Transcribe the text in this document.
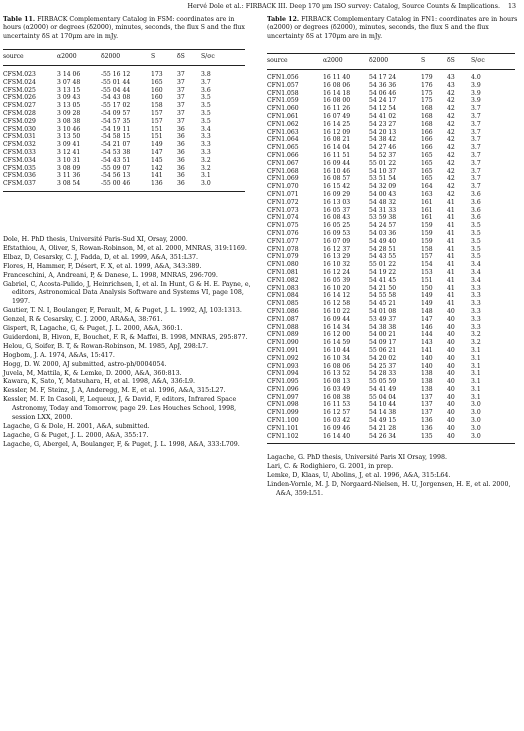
Hervé Dole et al.: FIRBACK III. Deep 170 μm ISO survey: Catalog, Source Counts & Implications. 13

Table 11. FIRBACK Complementary Catalog in FSM: coordinates are in hours (α2000) or degrees (δ2000), minutes, seconds, the flux S and the flux uncertainty δS at 170μm are in mJy.

source	α2000	δ2000	S	δS	S/σc
CFSM.023	3 14 06	-55 16 12	173	37	3.8
CFSM.024	3 07 48	-55 01 44	165	37	3.7
CFSM.025	3 13 15	-55 04 44	160	37	3.6
CFSM.026	3 09 43	-54 43 08	160	37	3.5
CFSM.027	3 13 05	-55 17 02	158	37	3.5
CFSM.028	3 09 28	-54 09 57	157	37	3.5
CFSM.029	3 08 38	-54 57 35	157	37	3.5
CFSM.030	3 10 46	-54 19 11	151	36	3.4
CFSM.031	3 13 50	-54 58 15	151	36	3.3
CFSM.032	3 09 41	-54 21 07	149	36	3.3
CFSM.033	3 12 41	-54 53 38	147	36	3.3
CFSM.034	3 10 31	-54 43 51	145	36	3.2
CFSM.035	3 08 09	-55 09 07	142	36	3.2
CFSM.036	3 11 36	-54 56 13	141	36	3.1
CFSM.037	3 08 54	-55 00 46	136	36	3.0

Dole, H. PhD thesis, Université Paris-Sud XI, Orsay, 2000.

Efstathiou, A, Oliver, S, Rowan-Robinson, M, et al. 2000, MNRAS, 319:1169.

Elbaz, D, Cesarsky, C. J, Fadda, D, et al. 1999, A&A, 351:L37.

Flores, H, Hammer, F, Désert, F. X, et al. 1999, A&A, 343:389.

Franceschini, A, Andreani, P, & Danese, L. 1998, MNRAS, 296:709.

Gabriel, C, Acosta-Pulido, J, Heinrichsen, I, et al. In Hunt, G & H. E. Payne, e, editors, Astronomical Data Analysis Software and Systems VI, page 108, 1997.

Gautier, T. N. I, Boulanger, F, Perault, M, & Puget, J. L. 1992, AJ, 103:1313.

Genzel, R & Cesarsky, C. J. 2000, ARA&A, 38:761.

Gispert, R, Lagache, G, & Puget, J. L. 2000, A&A, 360:1.

Guiderdoni, B, Hivon, E, Bouchet, F. R, & Maffei, B. 1998, MNRAS, 295:877.

Helou, G, Soifer, B. T, & Rowan-Robinson, M. 1985, ApJ, 298:L7.

Hogbom, J. A. 1974, A&As, 15:417.

Hogg, D. W. 2000, AJ submitted, astro-ph/0004054.

Juvela, M, Mattila, K, & Lemke, D. 2000, A&A, 360:813.

Kawara, K, Sato, Y, Matsuhara, H, et al. 1998, A&A, 336:L9.

Kessler, M. F, Steinz, J. A, Anderegg, M. E, et al. 1996, A&A, 315:L27.

Kessler, M. F. In Casoli, F, Lequeux, J, & David, F, editors, Infrared Space Astronomy, Today and Tomorrow, page 29. Les Houches School, 1998, session LXX, 2000.

Lagache, G & Dole, H. 2001, A&A, submitted.

Lagache, G & Puget, J. L. 2000, A&A, 355:17.

Lagache, G, Abergel, A, Boulanger, F, & Puget, J. L. 1998, A&A, 333:L709.

Table 12. FIRBACK Complementary Catalog in FN1: coordinates are in hours (α2000) or degrees (δ2000), minutes, seconds, the flux S and the flux uncertainty δS at 170μm are in mJy.

source	α2000	δ2000	S	δS	S/σc
CFN1.056	16 11 40	54 17 24	179	43	4.0
CFN1.057	16 08 06	54 36 36	176	43	3.9
CFN1.058	16 14 18	54 06 46	175	42	3.9
CFN1.059	16 08 00	54 24 17	175	42	3.9
CFN1.060	16 11 26	54 12 54	168	42	3.7
CFN1.061	16 07 49	54 41 02	168	42	3.7
CFN1.062	16 14 25	54 23 27	168	42	3.7
CFN1.063	16 12 09	54 20 13	166	42	3.7
CFN1.064	16 08 21	54 38 42	166	42	3.7
CFN1.065	16 14 04	54 27 46	166	42	3.7
CFN1.066	16 11 51	54 52 37	165	42	3.7
CFN1.067	16 09 44	55 01 22	165	42	3.7
CFN1.068	16 10 46	54 10 37	165	42	3.7
CFN1.069	16 08 57	53 51 54	165	42	3.7
CFN1.070	16 15 42	54 32 09	164	42	3.7
CFN1.071	16 09 29	54 00 43	163	42	3.6
CFN1.072	16 13 03	54 48 32	161	41	3.6
CFN1.073	16 05 37	54 31 33	161	41	3.6
CFN1.074	16 08 43	53 59 38	161	41	3.6
CFN1.075	16 05 25	54 24 57	159	41	3.5
CFN1.076	16 09 53	54 03 36	159	41	3.5
CFN1.077	16 07 09	54 49 40	159	41	3.5
CFN1.078	16 12 37	54 28 51	158	41	3.5
CFN1.079	16 13 29	54 43 55	157	41	3.5
CFN1.080	16 10 32	55 01 22	154	41	3.4
CFN1.081	16 12 24	54 19 22	153	41	3.4
CFN1.082	16 05 39	54 41 45	151	41	3.4
CFN1.083	16 10 20	54 21 50	150	41	3.3
CFN1.084	16 14 12	54 55 58	149	41	3.3
CFN1.085	16 12 58	54 45 21	149	41	3.3
CFN1.086	16 10 22	54 01 08	148	40	3.3
CFN1.087	16 09 44	53 49 37	147	40	3.3
CFN1.088	16 14 34	54 38 38	146	40	3.3
CFN1.089	16 12 00	54 00 21	144	40	3.2
CFN1.090	16 14 59	54 09 17	143	40	3.2
CFN1.091	16 10 44	55 06 21	141	40	3.1
CFN1.092	16 10 34	54 20 02	140	40	3.1
CFN1.093	16 08 06	54 25 37	140	40	3.1
CFN1.094	16 13 52	54 28 33	138	40	3.1
CFN1.095	16 08 13	55 05 59	138	40	3.1
CFN1.096	16 03 49	54 41 49	138	40	3.1
CFN1.097	16 08 38	55 04 04	137	40	3.1
CFN1.098	16 11 53	54 10 44	137	40	3.0
CFN1.099	16 12 57	54 14 38	137	40	3.0
CFN1.100	16 03 42	54 49 15	136	40	3.0
CFN1.101	16 09 46	54 21 28	136	40	3.0
CFN1.102	16 14 40	54 26 34	135	40	3.0

Lagache, G. PhD thesis, Université Paris XI Orsay, 1998.

Lari, C. & Rodighiero, G. 2001, in prep.

Lemke, D, Klaas, U, Abolins, J, et al. 1996, A&A, 315:L64.

Linden-Vornle, M. J. D, Norgaard-Nielsen, H. U, Jorgensen, H. E, et al. 2000, A&A, 359:L51.
